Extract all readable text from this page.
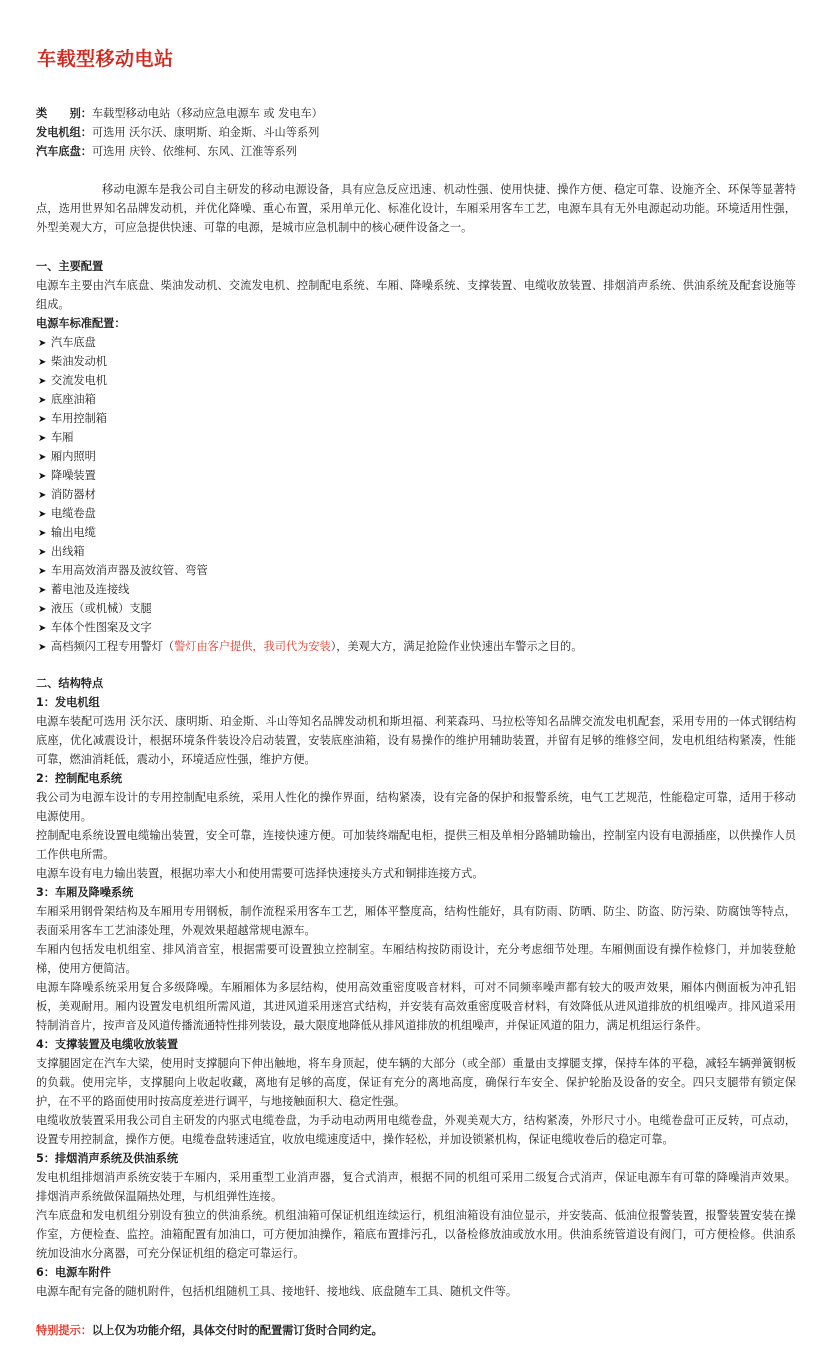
车载型移动电站
类　　别：车载型移动电站（移动应急电源车 或 发电车）
发电机组：可选用 沃尔沃、康明斯、珀金斯、斗山等系列
汽车底盘：可选用 庆铃、依维柯、东风、江淮等系列
移动电源车是我公司自主研发的移动电源设备，具有应急反应迅速、机动性强、使用快捷、操作方便、稳定可靠、设施齐全、环保等显著特点，选用世界知名品牌发动机，并优化降噪、重心布置，采用单元化、标准化设计，车厢采用客车工艺，电源车具有无外电源起动功能。环境适用性强，外型美观大方，可应急提供快速、可靠的电源，是城市应急机制中的核心硬件设备之一。
一、主要配置
电源车主要由汽车底盘、柴油发动机、交流发电机、控制配电系统、车厢、降噪系统、支撑装置、电缆收放装置、排烟消声系统、供油系统及配套设施等组成。
电源车标准配置：
➤ 汽车底盘
➤ 柴油发动机
➤ 交流发电机
➤ 底座油箱
➤ 车用控制箱
➤ 车厢
➤ 厢内照明
➤ 降噪装置
➤ 消防器材
➤ 电缆卷盘
➤ 输出电缆
➤ 出线箱
➤ 车用高效消声器及波纹管、弯管
➤ 蓄电池及连接线
➤ 液压（或机械）支腿
➤ 车体个性图案及文字
➤ 高档频闪工程专用警灯（警灯由客户提供，我司代为安装），美观大方，满足抢险作业快速出车警示之目的。
二、结构特点
1：发电机组
电源车装配可选用 沃尔沃、康明斯、珀金斯、斗山等知名品牌发动机和斯坦福、利莱森玛、马拉松等知名品牌交流发电机配套，采用专用的一体式钢结构底座，优化减震设计，根据环境条件装设冷启动装置，安装底座油箱，设有易操作的维护用辅助装置，并留有足够的维修空间，发电机组结构紧凑，性能可靠，燃油消耗低，震动小，环境适应性强，维护方便。
2：控制配电系统
我公司为电源车设计的专用控制配电系统，采用人性化的操作界面，结构紧凑，设有完备的保护和报警系统，电气工艺规范，性能稳定可靠，适用于移动电源使用。
控制配电系统设置电缆输出装置，安全可靠，连接快速方便。可加装终端配电柜，提供三相及单相分路辅助输出，控制室内设有电源插座，以供操作人员工作供电所需。
电源车设有电力输出装置，根据功率大小和使用需要可选择快速接头方式和铜排连接方式。
3：车厢及降噪系统
车厢采用钢骨架结构及车厢用专用钢板，制作流程采用客车工艺，厢体平整度高，结构性能好，具有防雨、防晒、防尘、防盗、防污染、防腐蚀等特点，表面采用客车工艺油漆处理，外观效果超越常规电源车。
车厢内包括发电机组室、排风消音室，根据需要可设置独立控制室。车厢结构按防雨设计，充分考虑细节处理。车厢侧面设有操作检修门，并加装登舱梯，使用方便简洁。
电源车降噪系统采用复合多级降噪。车厢厢体为多层结构，使用高效重密度吸音材料，可对不同频率噪声都有较大的吸声效果，厢体内侧面板为冲孔铝板，美观耐用。厢内设置发电机组所需风道，其进风道采用迷宫式结构，并安装有高效重密度吸音材料，有效降低从进风道排放的机组噪声。排风道采用特制消音片，按声音及风道传播流通特性排列装设，最大限度地降低从排风道排放的机组噪声，并保证风道的阻力，满足机组运行条件。
4：支撑装置及电缆收放装置
支撑腿固定在汽车大梁，使用时支撑腿向下伸出触地，将车身顶起，使车辆的大部分（或全部）重量由支撑腿支撑，保持车体的平稳，减轻车辆弹簧钢板的负载。使用完毕，支撑腿向上收起收藏，离地有足够的高度，保证有充分的离地高度，确保行车安全、保护轮胎及设备的安全。四只支腿带有锁定保护，在不平的路面使用时按高度差进行调平，与地接触面积大、稳定性强。
电缆收放装置采用我公司自主研发的内驱式电缆卷盘，为手动电动两用电缆卷盘，外观美观大方，结构紧凑，外形尺寸小。电缆卷盘可正反转，可点动，设置专用控制盒，操作方便。电缆卷盘转速适宜，收放电缆速度适中，操作轻松，并加设锁紧机构，保证电缆收卷后的稳定可靠。
5：排烟消声系统及供油系统
发电机组排烟消声系统安装于车厢内，采用重型工业消声器，复合式消声，根据不同的机组可采用二级复合式消声，保证电源车有可靠的降噪消声效果。排烟消声系统做保温隔热处理，与机组弹性连接。
汽车底盘和发电机组分别设有独立的供油系统。机组油箱可保证机组连续运行，机组油箱设有油位显示，并安装高、低油位报警装置，报警装置安装在操作室，方便检查、监控。油箱配置有加油口，可方便加油操作，箱底布置排污孔，以备检修放油或放水用。供油系统管道设有阀门，可方便检修。供油系统加设油水分离器，可充分保证机组的稳定可靠运行。
6：电源车附件
电源车配有完备的随机附件，包括机组随机工具、接地钎、接地线、底盘随车工具、随机文件等。
特别提示：以上仅为功能介绍，具体交付时的配置需订货时合同约定。
